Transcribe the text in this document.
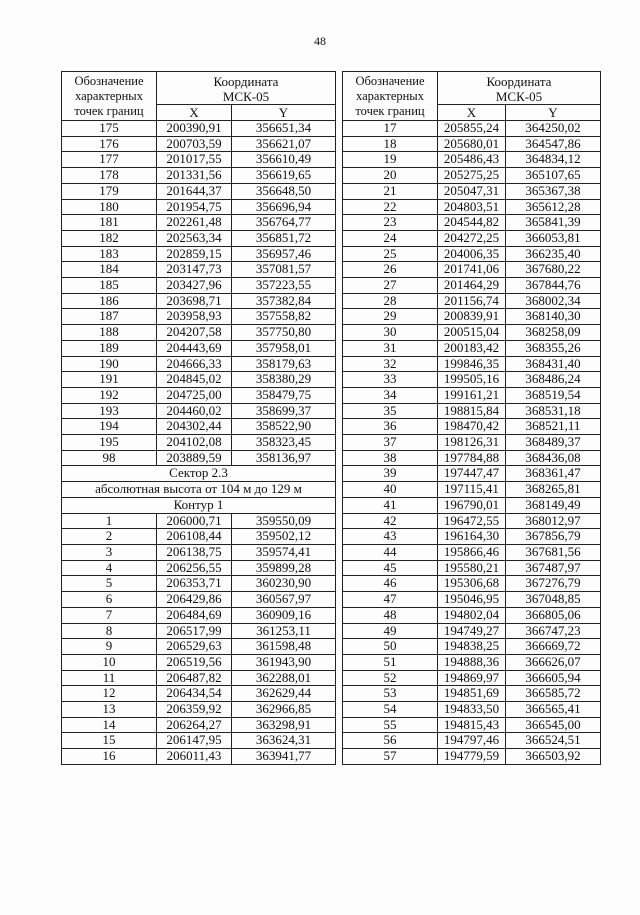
48
Обозначение
характерных
точек границ	Координата
МСК-05	
	X	Y
175	200390,91	356651,34
176	200703,59	356621,07
177	201017,55	356610,49
178	201331,56	356619,65
179	201644,37	356648,50
180	201954,75	356696,94
181	202261,48	356764,77
182	202563,34	356851,72
183	202859,15	356957,46
184	203147,73	357081,57
185	203427,96	357223,55
186	203698,71	357382,84
187	203958,93	357558,82
188	204207,58	357750,80
189	204443,69	357958,01
190	204666,33	358179,63
191	204845,02	358380,29
192	204725,00	358479,75
193	204460,02	358699,37
194	204302,44	358522,90
195	204102,08	358323,45
98	203889,59	358136,97
Сектор 2.3		
абсолютная высота от 104 м до 129 м		
Контур 1		
1	206000,71	359550,09
2	206108,44	359502,12
3	206138,75	359574,41
4	206256,55	359899,28
5	206353,71	360230,90
6	206429,86	360567,97
7	206484,69	360909,16
8	206517,99	361253,11
9	206529,63	361598,48
10	206519,56	361943,90
11	206487,82	362288,01
12	206434,54	362629,44
13	206359,92	362966,85
14	206264,27	363298,91
15	206147,95	363624,31
16	206011,43	363941,77
Обозначение
характерных
точек границ	Координата
МСК-05	
	X	Y
17	205855,24	364250,02
18	205680,01	364547,86
19	205486,43	364834,12
20	205275,25	365107,65
21	205047,31	365367,38
22	204803,51	365612,28
23	204544,82	365841,39
24	204272,25	366053,81
25	204006,35	366235,40
26	201741,06	367680,22
27	201464,29	367844,76
28	201156,74	368002,34
29	200839,91	368140,30
30	200515,04	368258,09
31	200183,42	368355,26
32	199846,35	368431,40
33	199505,16	368486,24
34	199161,21	368519,54
35	198815,84	368531,18
36	198470,42	368521,11
37	198126,31	368489,37
38	197784,88	368436,08
39	197447,47	368361,47
40	197115,41	368265,81
41	196790,01	368149,49
42	196472,55	368012,97
43	196164,30	367856,79
44	195866,46	367681,56
45	195580,21	367487,97
46	195306,68	367276,79
47	195046,95	367048,85
48	194802,04	366805,06
49	194749,27	366747,23
50	194838,25	366669,72
51	194888,36	366626,07
52	194869,97	366605,94
53	194851,69	366585,72
54	194833,50	366565,41
55	194815,43	366545,00
56	194797,46	366524,51
57	194779,59	366503,92
